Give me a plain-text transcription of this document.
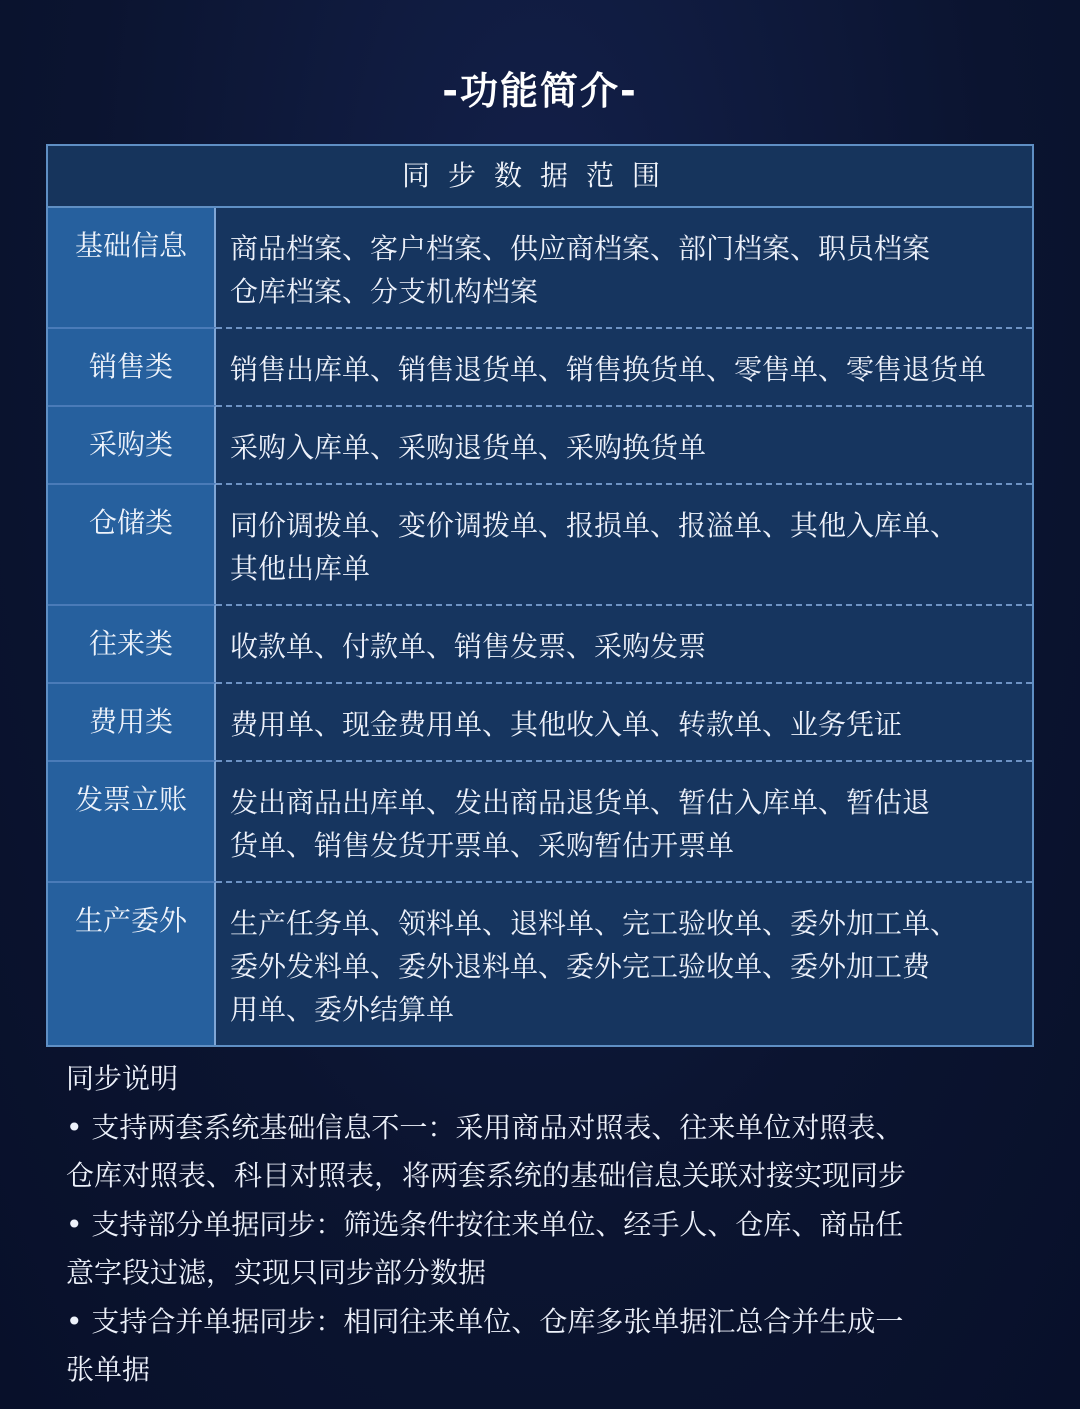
-功能简介-
同步数据范围
基础信息	商品档案、客户档案、供应商档案、部门档案、职员档案
仓库档案、分支机构档案
销售类	销售出库单、销售退货单、销售换货单、零售单、零售退货单
采购类	采购入库单、采购退货单、采购换货单
仓储类	同价调拨单、变价调拨单、报损单、报溢单、其他入库单、
其他出库单
往来类	收款单、付款单、销售发票、采购发票
费用类	费用单、现金费用单、其他收入单、转款单、业务凭证
发票立账	发出商品出库单、发出商品退货单、暂估入库单、暂估退
货单、销售发货开票单、采购暂估开票单
生产委外	生产任务单、领料单、退料单、完工验收单、委外加工单、
委外发料单、委外退料单、委外完工验收单、委外加工费
用单、委外结算单
同步说明
• 支持两套系统基础信息不一：采用商品对照表、往来单位对照表、
仓库对照表、科目对照表，将两套系统的基础信息关联对接实现同步
• 支持部分单据同步：筛选条件按往来单位、经手人、仓库、商品任
意字段过滤，实现只同步部分数据
• 支持合并单据同步：相同往来单位、仓库多张单据汇总合并生成一
张单据
